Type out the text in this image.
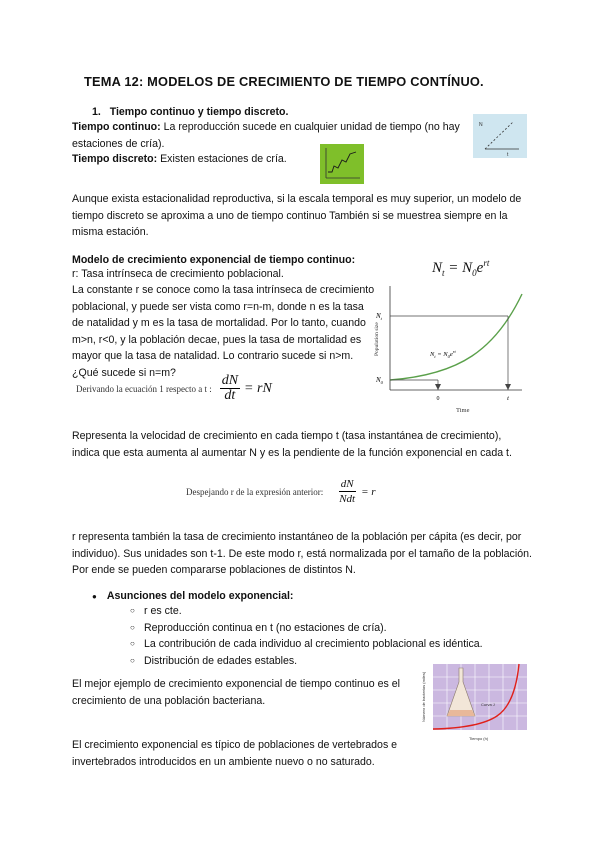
TEMA 12: MODELOS DE CRECIMIENTO DE TIEMPO CONTÍNUO.
1. Tiempo continuo y tiempo discreto.
Tiempo continuo: La reproducción sucede en cualquier unidad de tiempo (no hay estaciones de cría).
Tiempo discreto: Existen estaciones de cría.
N
t
Aunque exista estacionalidad reproductiva, si la escala temporal es muy superior, un modelo de tiempo discreto se aproxima a uno de tiempo continuo También si se muestrea siempre en la misma estación.
Modelo de crecimiento exponencial de tiempo continuo:
r: Tasa intrínseca de crecimiento poblacional.
La constante r se conoce como la tasa intrínseca de crecimiento poblacional, y puede ser vista como r=n-m, donde n es la tasa de natalidad y m es la tasa de mortalidad. Por lo tanto, cuando m>n, r<0, y la población decae, pues la tasa de mortalidad es mayor que la tasa de natalidad. Lo contrario sucede si n>m. ¿Qué sucede si n=m?
Derivando la ecuación 1 respecto a t : $\frac{dN}{dt}$ = rN
$N_t = N_0e^{rt}$
Population size
Time
$N_t$
$N_0$
0	t
$N_t = N_0e^{rt}$
Representa la velocidad de crecimiento en cada tiempo t (tasa instantánea de crecimiento), indica que esta aumenta al aumentar N y es la pendiente de la función exponencial en cada t.
Despejando r de la expresión anterior: $\frac{dN}{\text{Ndt}} = r$
r representa también la tasa de crecimiento instantáneo de la población per cápita (es decir, por individuo). Sus unidades son t-1. De este modo r, está normalizada por el tamaño de la población. Por ende se pueden compararse poblaciones de distintos N.
● Asunciones del modelo exponencial:
○ r es cte.
○ Reproducción continua en t (no estaciones de cría).
○ La contribución de cada individuo al crecimiento poblacional es idéntica.
○ Distribución de edades estables.
El mejor ejemplo de crecimiento exponencial de tiempo continuo es el crecimiento de una población bacteriana.	Número de bacterias (miles)
Tiempo (h)
Curva J
El crecimiento exponencial es típico de poblaciones de vertebrados e invertebrados introducidos en un ambiente nuevo o no saturado.
